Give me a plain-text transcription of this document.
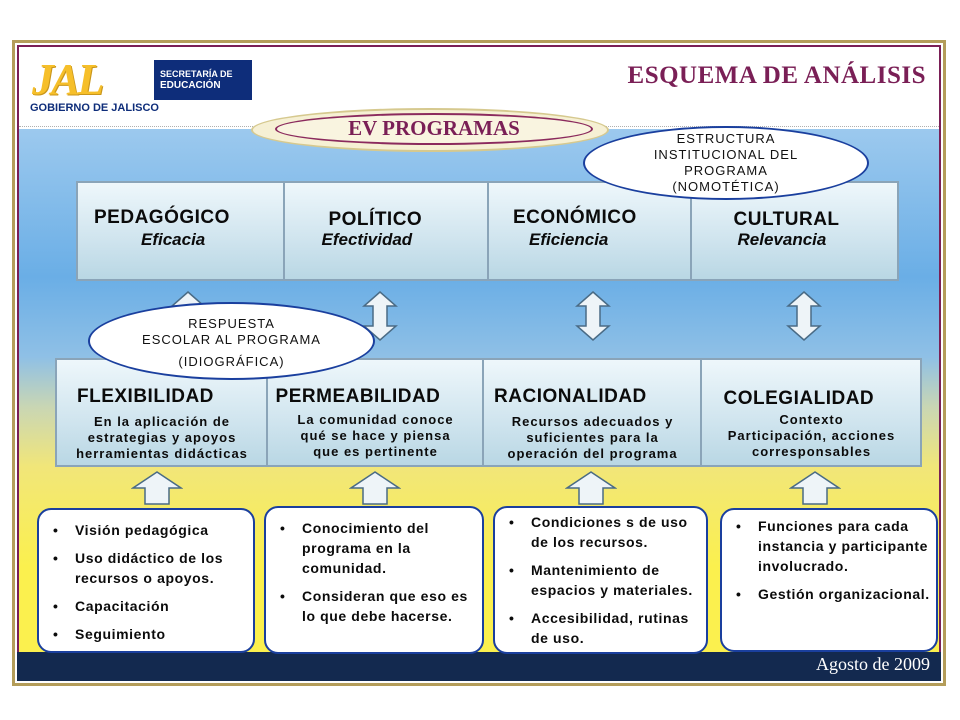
SECRETARÍA DE
EDUCACIÓN
JAL
GOBIERNO DE JALISCO
ESQUEMA DE ANÁLISIS
EV PROGRAMAS
PEDAGÓGICO
Eficacia
POLÍTICO
Efectividad
ECONÓMICO
Eficiencia
CULTURAL
Relevancia
ESTRUCTURA
INSTITUCIONAL DEL
PROGRAMA
(NOMOTÉTICA)
FLEXIBILIDAD
En la aplicación de
estrategias y apoyos
herramientas didácticas
PERMEABILIDAD
La comunidad conoce
qué se hace y piensa
que es pertinente
RACIONALIDAD
Recursos adecuados y
suficientes para la
operación del programa
COLEGIALIDAD
Contexto
Participación, acciones
corresponsables
RESPUESTA
ESCOLAR AL PROGRAMA
(IDIOGRÁFICA)
• Visión pedagógica
• Uso didáctico de los recursos o apoyos.
• Capacitación
• Seguimiento
• Conocimiento del programa en la comunidad.
• Consideran que eso es lo que debe hacerse.
• Condiciones s de uso de los recursos.
• Mantenimiento de espacios y materiales.
• Accesibilidad, rutinas de uso.
• Funciones para cada instancia y participante involucrado.
• Gestión organizacional.
Agosto de 2009
